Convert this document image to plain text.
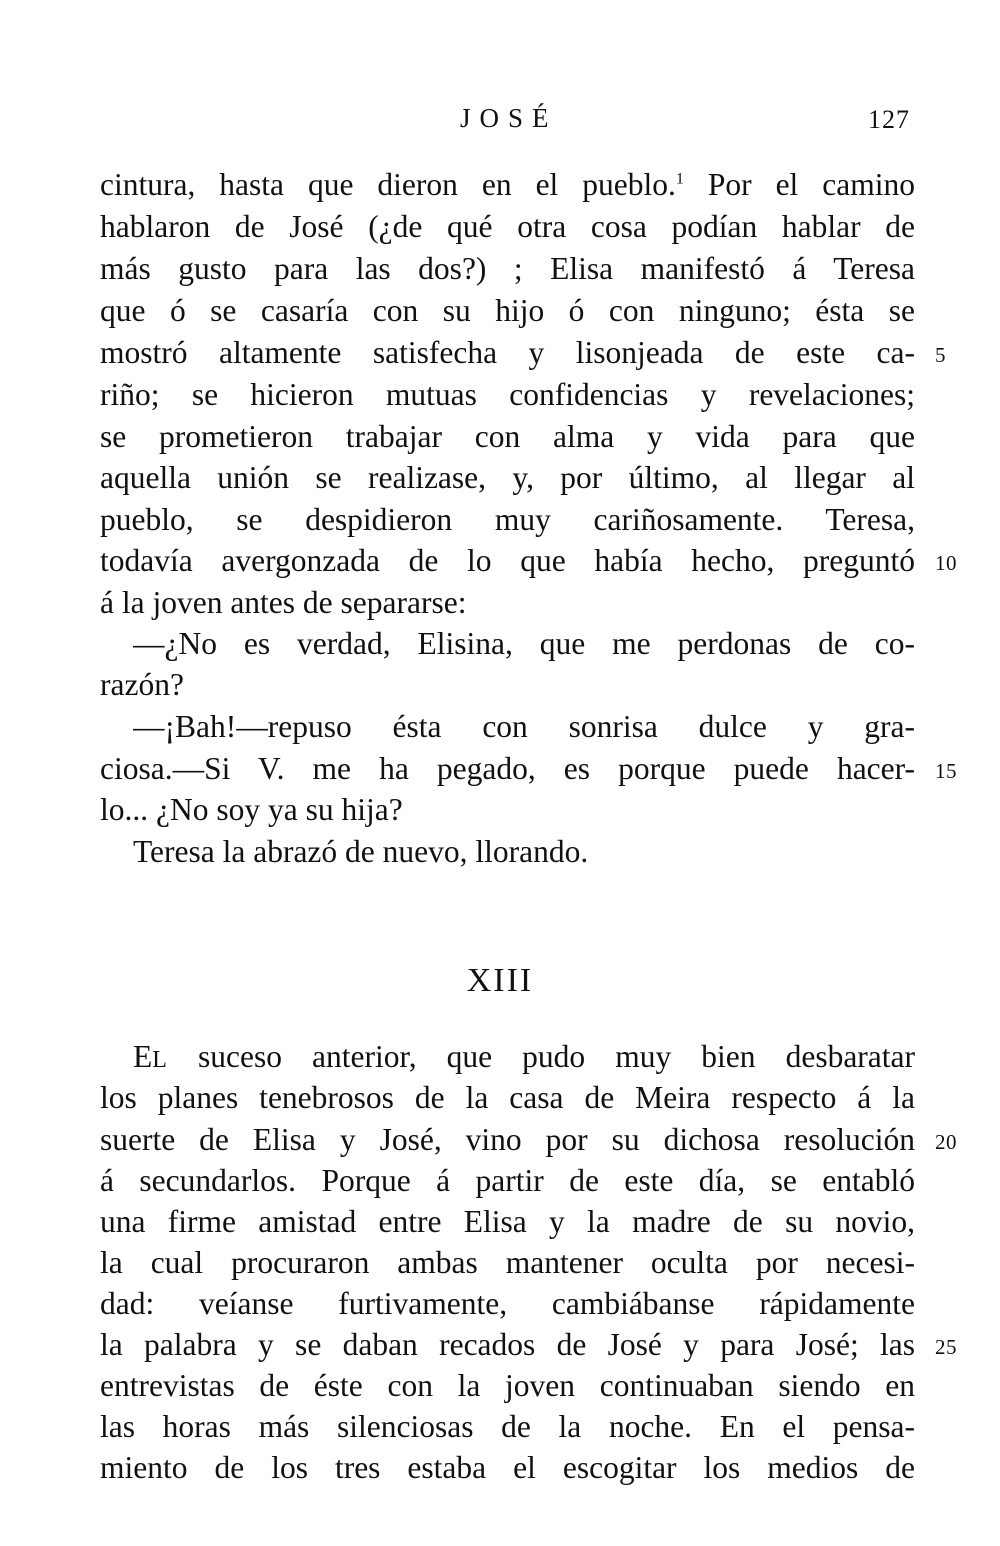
JOSÉ	127
cintura, hasta que dieron en el pueblo.$^1$ Por el camino
hablaron de José (¿de qué otra cosa podían hablar de
más gusto para las dos?) ; Elisa manifestó á Teresa
que ó se casaría con su hijo ó con ninguno; ésta se
mostró altamente satisfecha y lisonjeada de este ca-
riño; se hicieron mutuas confidencias y revelaciones;
se prometieron trabajar con alma y vida para que
aquella unión se realizase, y, por último, al llegar al
pueblo, se despidieron muy cariñosamente. Teresa,
todavía avergonzada de lo que había hecho, preguntó
á la joven antes de separarse:
—¿No es verdad, Elisina, que me perdonas de co-
razón?
—¡Bah!—repuso ésta con sonrisa dulce y gra-
ciosa.—Si V. me ha pegado, es porque puede hacer-
lo... ¿No soy ya su hija?
Teresa la abrazó de nuevo, llorando.
XIII
EL suceso anterior, que pudo muy bien desbaratar
los planes tenebrosos de la casa de Meira respecto á la
suerte de Elisa y José, vino por su dichosa resolución
á secundarlos. Porque á partir de este día, se entabló
una firme amistad entre Elisa y la madre de su novio,
la cual procuraron ambas mantener oculta por necesi-
dad: veíanse furtivamente, cambiábanse rápidamente
la palabra y se daban recados de José y para José; las
entrevistas de éste con la joven continuaban siendo en
las horas más silenciosas de la noche. En el pensa-
miento de los tres estaba el escogitar los medios de
5
10
15
20
25
